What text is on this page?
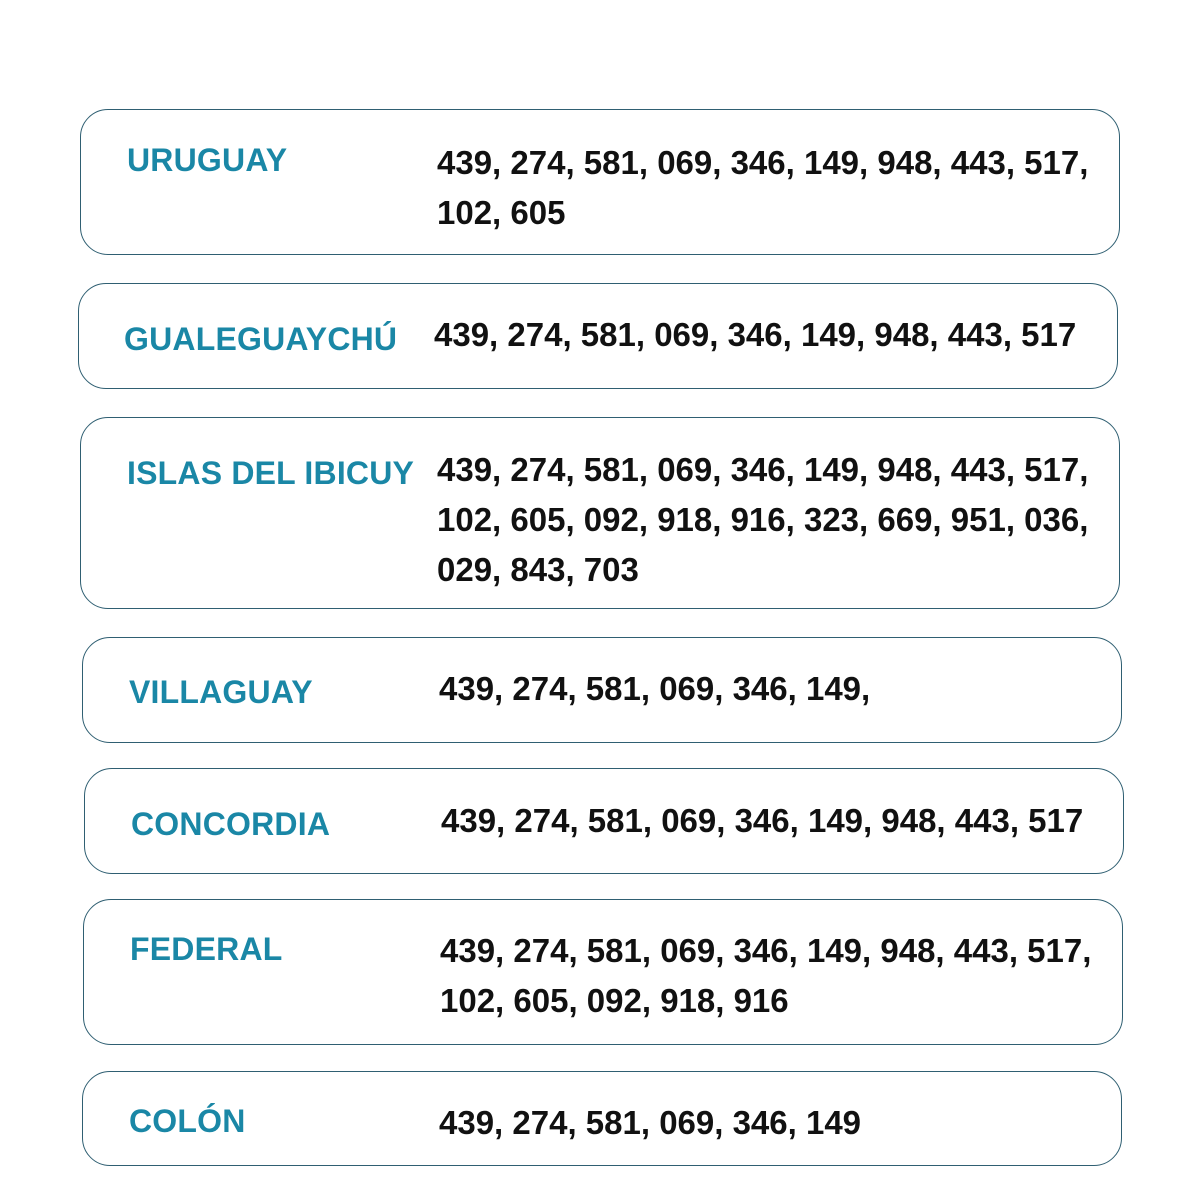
URUGUAY	439, 274, 581, 069, 346, 149, 948, 443, 517, 102, 605
GUALEGUAYCHÚ 439, 274, 581, 069, 346, 149, 948, 443, 517
ISLAS DEL IBICUY 439, 274, 581, 069, 346, 149, 948, 443, 517, 102, 605, 092, 918, 916, 323, 669, 951, 036, 029, 843, 703
VILLAGUAY	439, 274, 581, 069, 346, 149,
CONCORDIA	439, 274, 581, 069, 346, 149, 948, 443, 517
FEDERAL	439, 274, 581, 069, 346, 149, 948, 443, 517, 102, 605, 092, 918, 916
COLÓN	439, 274, 581, 069, 346, 149
